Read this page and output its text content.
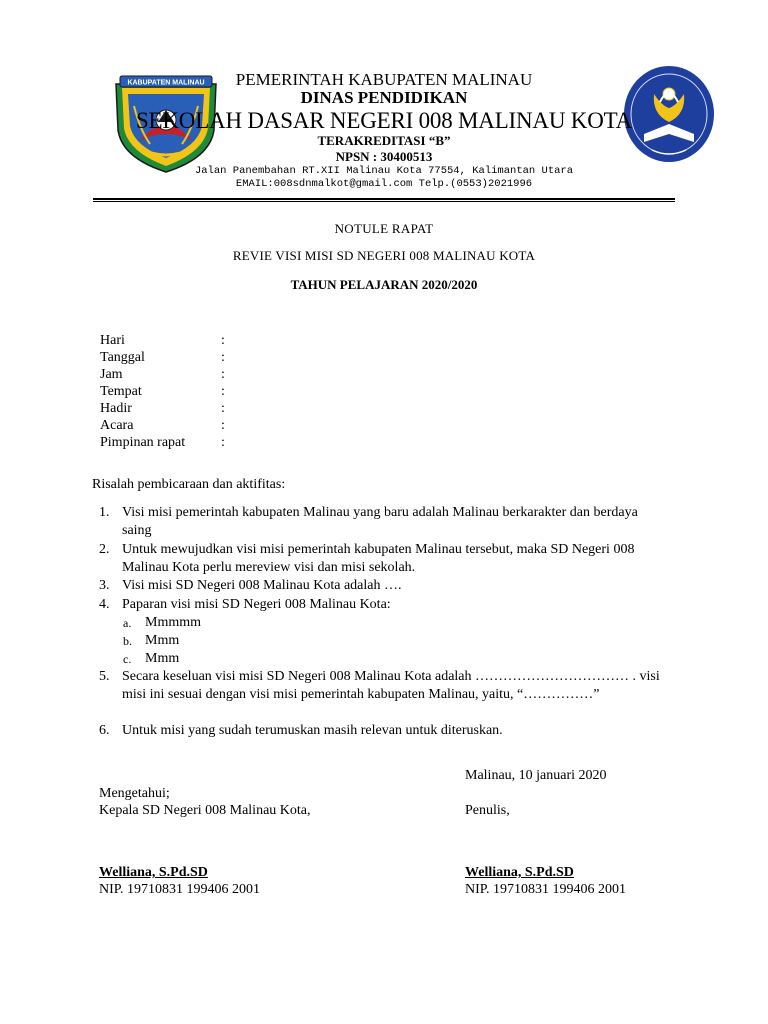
KABUPATEN MALINAU	PEMERINTAH KABUPATEN MALINAU
DINAS PENDIDIKAN
SEKOLAH DASAR NEGERI 008 MALINAU KOTA
TERAKREDITASI “B”
NPSN : 30400513
Jalan Panembahan RT.XII Malinau Kota 77554, Kalimantan Utara
EMAIL:008sdnmalkot@gmail.com Telp.(0553)2021996
NOTULE RAPAT
REVIE VISI MISI SD NEGERI 008 MALINAU KOTA
TAHUN PELAJARAN 2020/2020
Hari	:
Tanggal	:
Jam	:
Tempat	:
Hadir	:
Acara	:
Pimpinan rapat	:
Risalah pembicaraan dan aktifitas:
1. Visi misi pemerintah kabupaten Malinau yang baru adalah Malinau berkarakter dan berdaya saing
2. Untuk mewujudkan visi misi pemerintah kabupaten Malinau tersebut, maka SD Negeri 008 Malinau Kota perlu mereview visi dan misi sekolah.
3. Visi misi SD Negeri 008 Malinau Kota adalah ….
4. Paparan visi misi SD Negeri 008 Malinau Kota:
a. Mmmmm
b. Mmm
c. Mmm
5. Secara keseluan visi misi SD Negeri 008 Malinau Kota adalah …………………………… . visi misi ini sesuai dengan visi misi pemerintah kabupaten Malinau, yaitu, “……………”
6. Untuk misi yang sudah terumuskan masih relevan untuk diteruskan.
Malinau, 10 januari 2020
Mengetahui;
Kepala SD Negeri 008 Malinau Kota,	Penulis,
Welliana, S.Pd.SD
NIP. 19710831 199406 2001
Welliana, S.Pd.SD
NIP. 19710831 199406 2001
